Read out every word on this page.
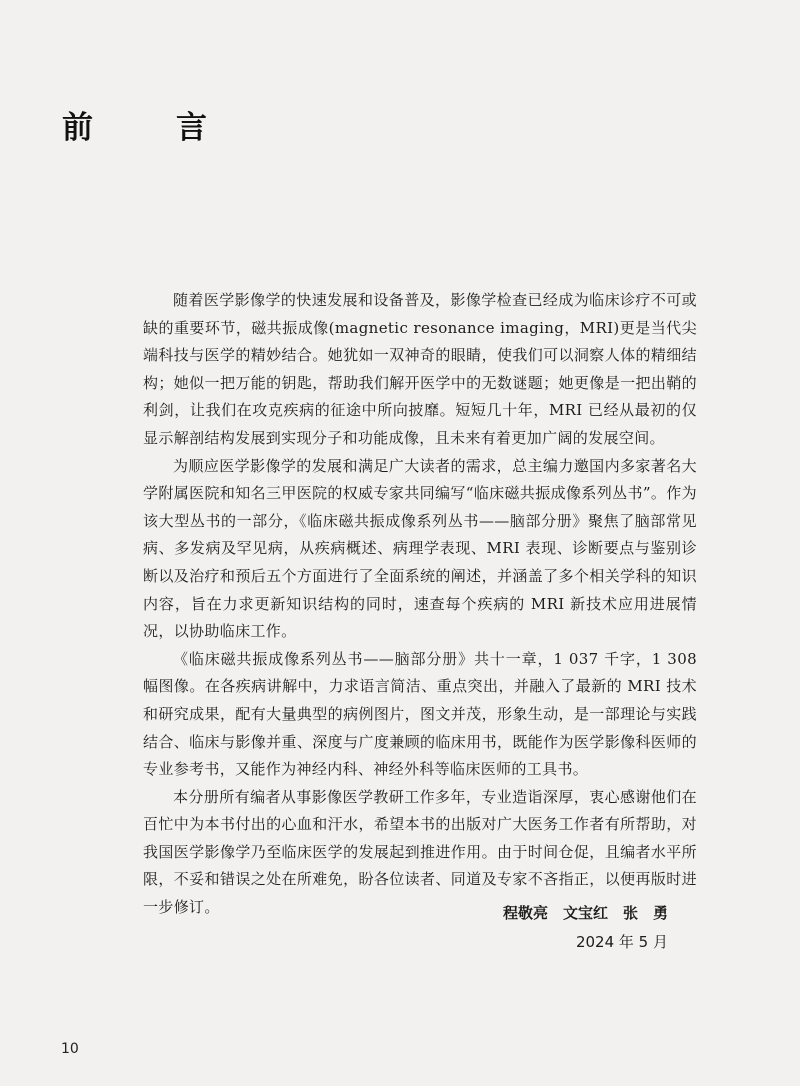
前　言

随着医学影像学的快速发展和设备普及，影像学检查已经成为临床诊疗不可或缺的重要环节，磁共振成像(magnetic resonance imaging，MRI)更是当代尖端科技与医学的精妙结合。她犹如一双神奇的眼睛，使我们可以洞察人体的精细结构；她似一把万能的钥匙，帮助我们解开医学中的无数谜题；她更像是一把出鞘的利剑，让我们在攻克疾病的征途中所向披靡。短短几十年，MRI 已经从最初的仅显示解剖结构发展到实现分子和功能成像，且未来有着更加广阔的发展空间。

为顺应医学影像学的发展和满足广大读者的需求，总主编力邀国内多家著名大学附属医院和知名三甲医院的权威专家共同编写“临床磁共振成像系列丛书”。作为该大型丛书的一部分，《临床磁共振成像系列丛书——脑部分册》聚焦了脑部常见病、多发病及罕见病，从疾病概述、病理学表现、MRI 表现、诊断要点与鉴别诊断以及治疗和预后五个方面进行了全面系统的阐述，并涵盖了多个相关学科的知识内容，旨在力求更新知识结构的同时，速查每个疾病的 MRI 新技术应用进展情况，以协助临床工作。

《临床磁共振成像系列丛书——脑部分册》共十一章，1 037 千字，1 308 幅图像。在各疾病讲解中，力求语言简洁、重点突出，并融入了最新的 MRI 技术和研究成果，配有大量典型的病例图片，图文并茂，形象生动，是一部理论与实践结合、临床与影像并重、深度与广度兼顾的临床用书，既能作为医学影像科医师的专业参考书，又能作为神经内科、神经外科等临床医师的工具书。

本分册所有编者从事影像医学教研工作多年，专业造诣深厚，衷心感谢他们在百忙中为本书付出的心血和汗水，希望本书的出版对广大医务工作者有所帮助，对我国医学影像学乃至临床医学的发展起到推进作用。由于时间仓促，且编者水平所限，不妥和错误之处在所难免，盼各位读者、同道及专家不吝指正，以便再版时进一步修订。	程敬亮　文宝红　张　勇
2024 年 5 月
10
